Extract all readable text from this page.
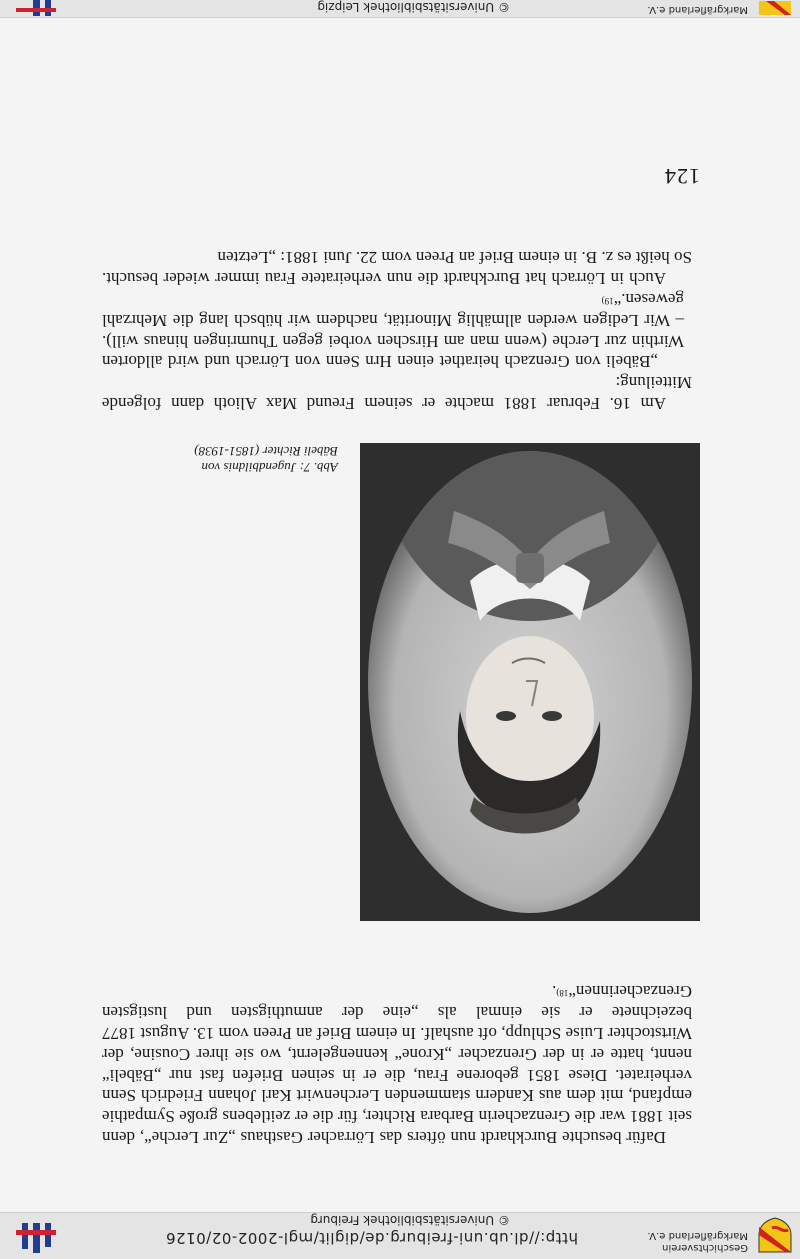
Geschichtsverein
Markgräflerland e.V.
http://dl.ub.uni-freiburg.de/diglit/mgl-2002-02/0126
© Universitätsbibliothek Freiburg

Dafür besuchte Burckhardt nun öfters das Lörracher Gasthaus „Zur Lerche“, denn seit 1881 war die Grenzacherin Barbara Richter, für die er zeitlebens große Sympathie empfand, mit dem aus Kandern stammenden Lerchenwirt Karl Johann Friedrich Senn verheiratet. Diese 1851 geborene Frau, die er in seinen Briefen fast nur „Bäbeli“ nennt, hatte er in der Grenzacher „Krone“ kennengelernt, wo sie ihrer Cousine, der Wirtstochter Luise Schlupp, oft aushalf. In einem Brief an Preen vom 13. August 1877 bezeichnete er sie einmal als „eine der anmuthigsten und lustigsten Grenzacherinnen“$^{18)}$.

Abb. 7: Jugendbildnis von
Bäbeli Richter (1851-1938)

Am 16. Februar 1881 machte er seinem Freund Max Alioth dann folgende Mitteilung:

„Bäbeli von Grenzach heirathet einen Hrn Senn von Lörrach und wird alldorten Wirthin zur Lerche (wenn man am Hirschen vorbei gegen Thumringen hinaus will). – Wir Ledigen werden allmählig Minorität, nachdem wir hübsch lang die Mehrzahl gewesen.“$^{19)}$

Auch in Lörrach hat Burckhardt die nun verheiratete Frau immer wieder besucht. So heißt es z. B. in einem Brief an Preen vom 22. Juni 1881: „Letzten

124
Markgräflerland e.V.
© Universitätsbibliothek Leipzig
